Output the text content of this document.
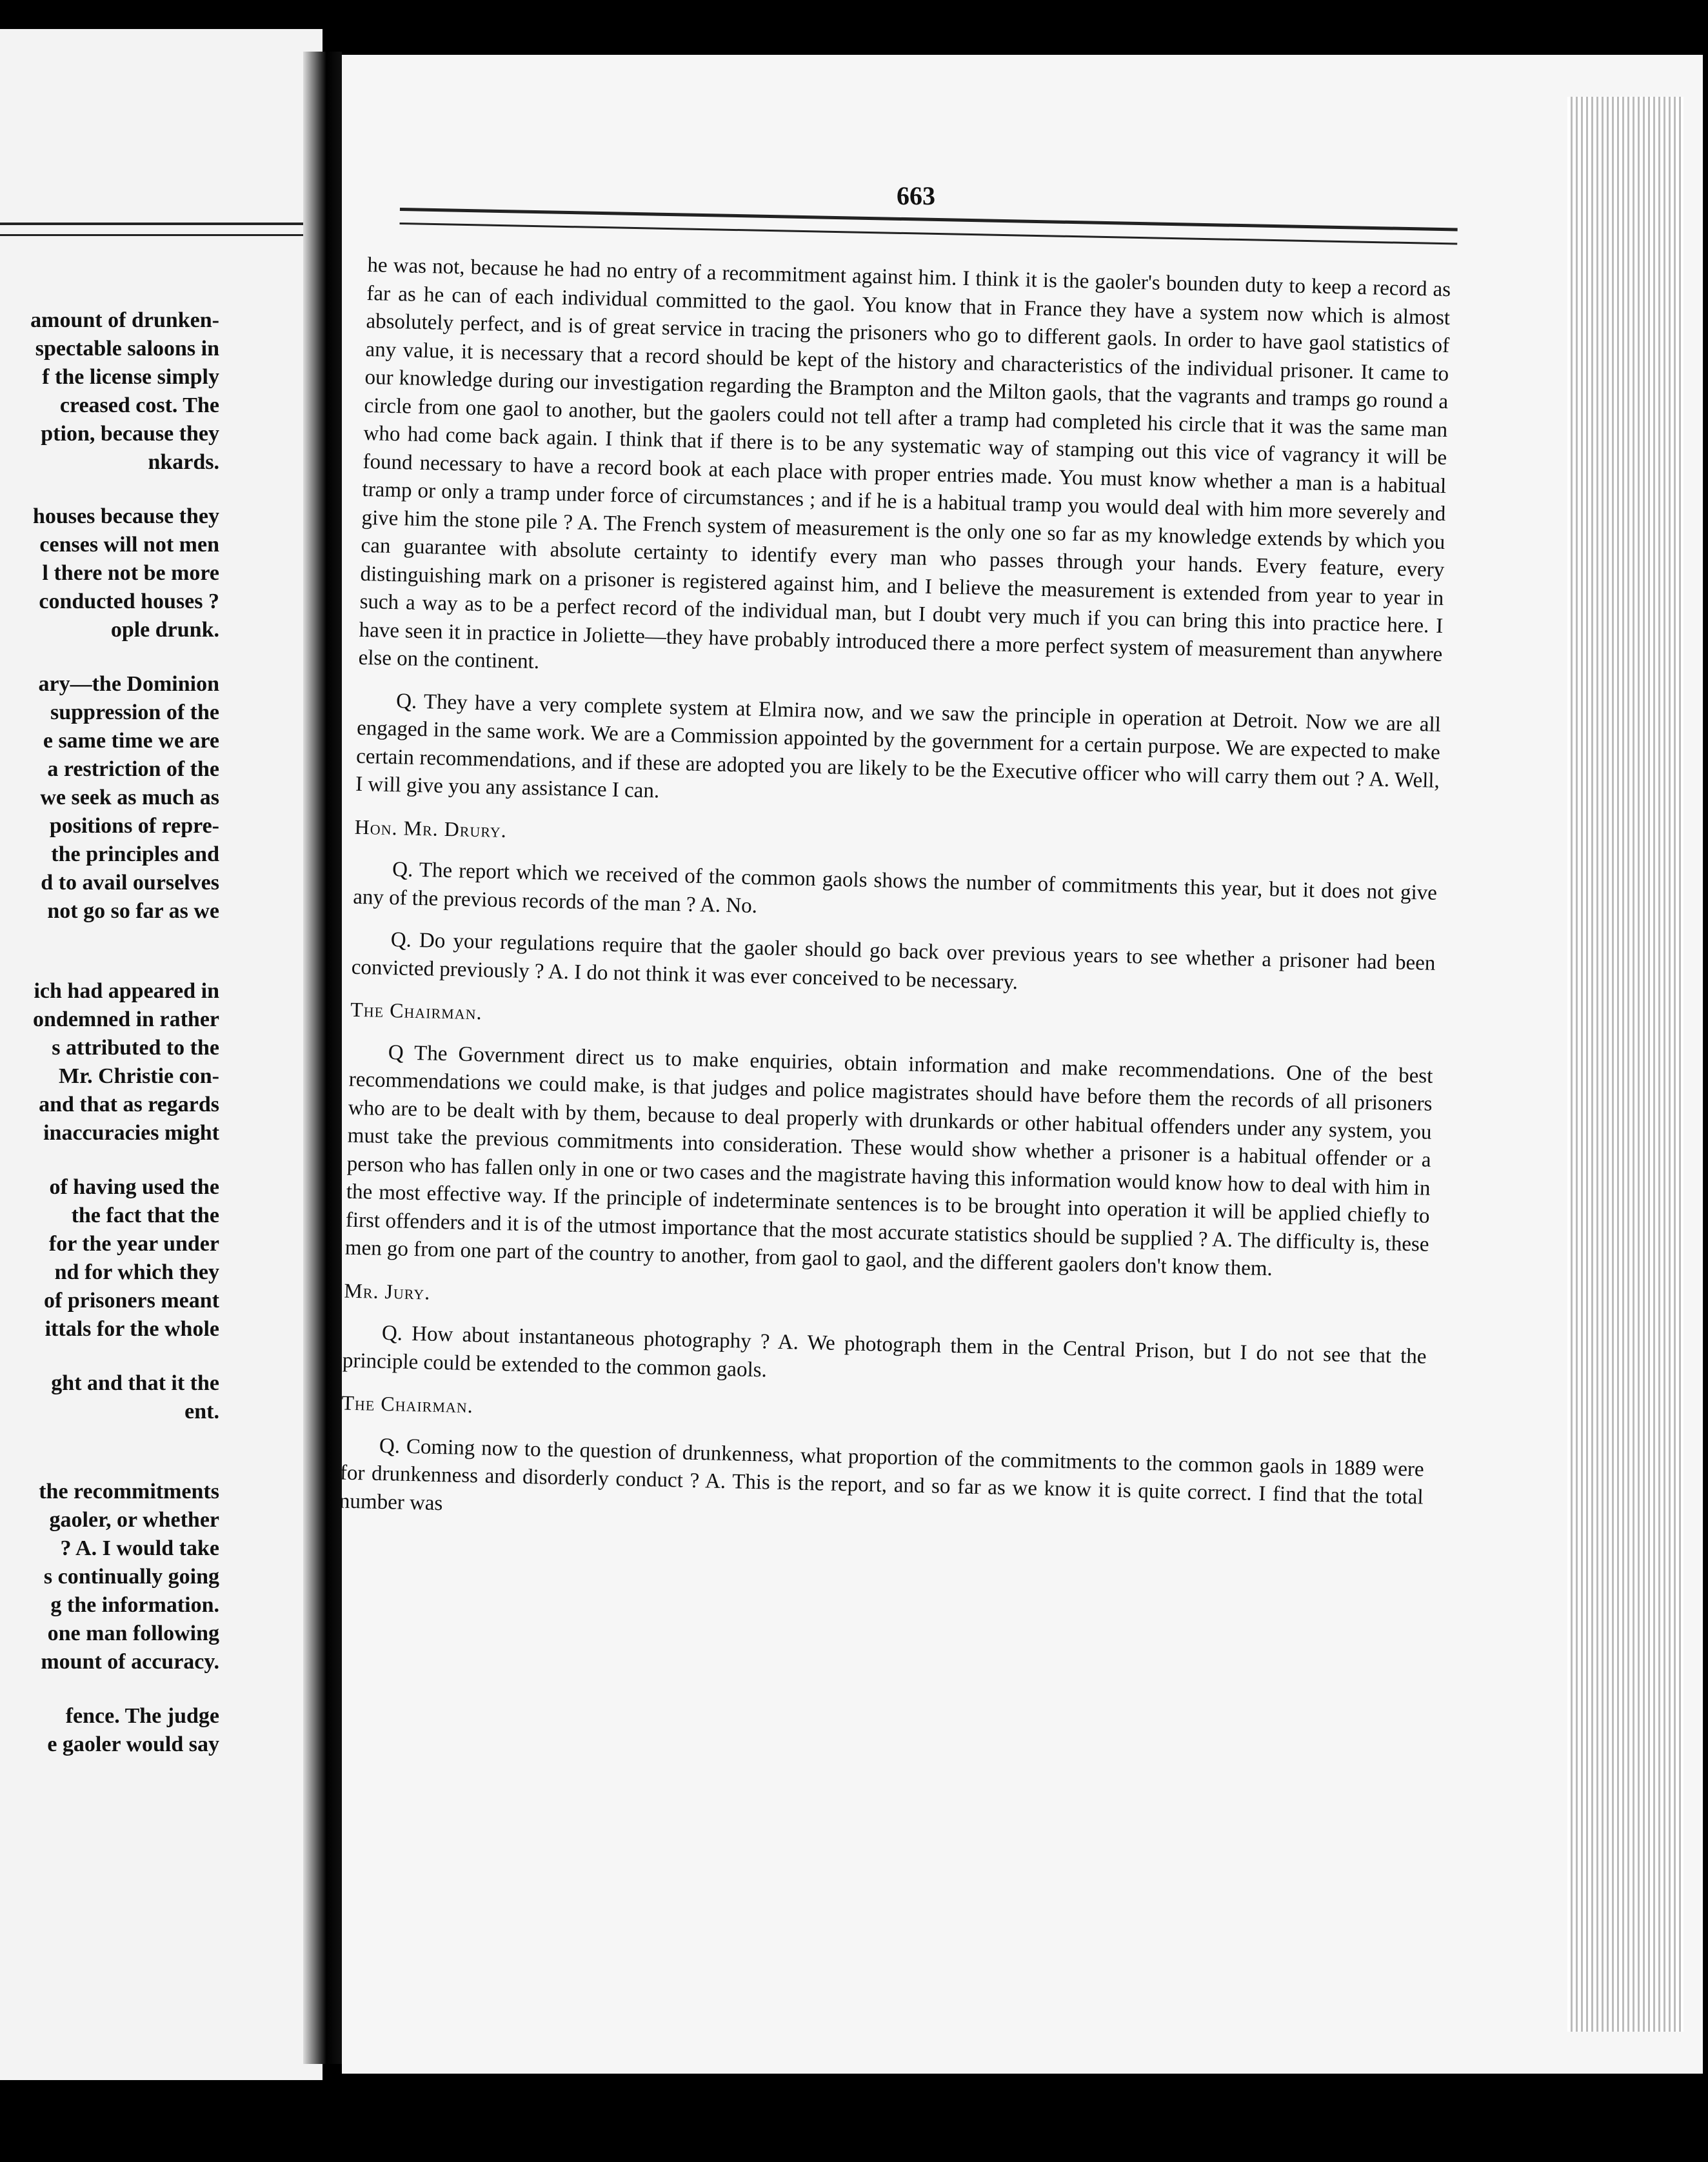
amount of drunken-
spectable saloons in
f the license simply
creased cost. The
ption, because they
nkards.
houses because they
censes will not men
l there not be more
conducted houses ?
ople drunk.
ary—the Dominion
suppression of the
e same time we are
a restriction of the
we seek as much as
positions of repre-
the principles and
d to avail ourselves
not go so far as we
ich had appeared in
ondemned in rather
s attributed to the
Mr. Christie con-
and that as regards
inaccuracies might
of having used the
the fact that the
for the year under
nd for which they
of prisoners meant
ittals for the whole
ght and that it the
ent.
the recommitments
gaoler, or whether
? A. I would take
s continually going
g the information.
one man following
mount of accuracy.
fence. The judge
e gaoler would say
663

he was not, because he had no entry of a recommitment against him. I think it is the gaoler's bounden duty to keep a record as far as he can of each individual committed to the gaol. You know that in France they have a system now which is almost absolutely perfect, and is of great service in tracing the prisoners who go to different gaols. In order to have gaol statistics of any value, it is necessary that a record should be kept of the history and characteristics of the individual prisoner. It came to our knowledge during our investigation regarding the Brampton and the Milton gaols, that the vagrants and tramps go round a circle from one gaol to another, but the gaolers could not tell after a tramp had completed his circle that it was the same man who had come back again. I think that if there is to be any systematic way of stamping out this vice of vagrancy it will be found necessary to have a record book at each place with proper entries made. You must know whether a man is a habitual tramp or only a tramp under force of circumstances ; and if he is a habitual tramp you would deal with him more severely and give him the stone pile ? A. The French system of measurement is the only one so far as my knowledge extends by which you can guarantee with absolute certainty to identify every man who passes through your hands. Every feature, every distinguishing mark on a prisoner is registered against him, and I believe the measurement is extended from year to year in such a way as to be a perfect record of the individual man, but I doubt very much if you can bring this into practice here. I have seen it in practice in Joliette—they have probably introduced there a more perfect system of measurement than anywhere else on the continent.

Q. They have a very complete system at Elmira now, and we saw the principle in operation at Detroit. Now we are all engaged in the same work. We are a Commission appointed by the government for a certain purpose. We are expected to make certain recommendations, and if these are adopted you are likely to be the Executive officer who will carry them out ? A. Well, I will give you any assistance I can.

Hon. Mr. Drury.

Q. The report which we received of the common gaols shows the number of commitments this year, but it does not give any of the previous records of the man ? A. No.

Q. Do your regulations require that the gaoler should go back over previous years to see whether a prisoner had been convicted previously ? A. I do not think it was ever conceived to be necessary.

The Chairman.

Q The Government direct us to make enquiries, obtain information and make recommendations. One of the best recommendations we could make, is that judges and police magistrates should have before them the records of all prisoners who are to be dealt with by them, because to deal properly with drunkards or other habitual offenders under any system, you must take the previous commitments into consideration. These would show whether a prisoner is a habitual offender or a person who has fallen only in one or two cases and the magistrate having this information would know how to deal with him in the most effective way. If the principle of indeterminate sentences is to be brought into operation it will be applied chiefly to first offenders and it is of the utmost importance that the most accurate statistics should be supplied ? A. The difficulty is, these men go from one part of the country to another, from gaol to gaol, and the different gaolers don't know them.

Mr. Jury.

Q. How about instantaneous photography ? A. We photograph them in the Central Prison, but I do not see that the principle could be extended to the common gaols.

The Chairman.

Q. Coming now to the question of drunkenness, what proportion of the commitments to the common gaols in 1889 were for drunkenness and disorderly conduct ? A. This is the report, and so far as we know it is quite correct. I find that the total number was
